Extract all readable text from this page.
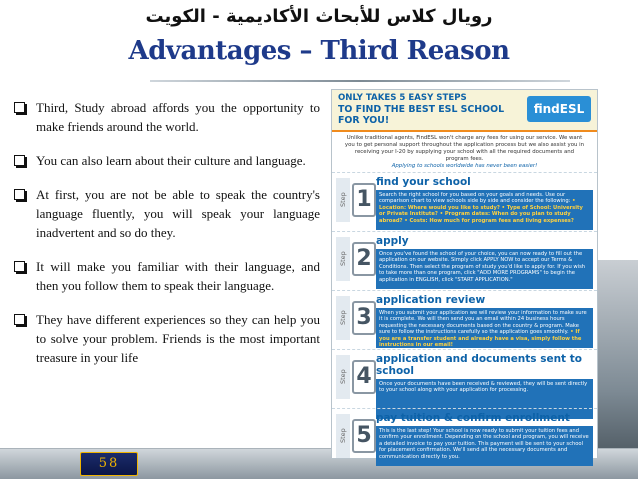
رويال كلاس للأبحاث الأكاديمية - الكويت
Advantages – Third Reason
Third, Study abroad affords you the opportunity to make friends around the world.
You can also learn about their culture and language.
At first, you are not be able to speak the country's language fluently, you will speak your language inadvertent and so do they.
It will make you familiar with their language, and then you follow them to speak their language.
They have different experiences so they can help you to solve your problem. Friends is the most important treasure in your life
ONLY TAKES 5 EASY STEPS
TO FIND THE BEST ESL SCHOOL FOR YOU!
findESL
Unlike traditional agents, FindESL won't charge any fees for using our service. We want you to get personal support throughout the application process but we also assist you in receiving your I-20 by supplying your school with all the required documents and program fees.
Applying to schools worldwide has never been easier!
Step 1
find your school
Search the right school for you based on your goals and needs. Use our comparison chart to view schools side by side and consider the following: • Location: Where would you like to study? • Type of School: University or Private Institute? • Program dates: When do you plan to study abroad? • Costs: How much for program fees and living expenses?
Step 2
apply
Once you've found the school of your choice, you can now ready to fill out the application on our website. Simply click APPLY NOW to accept our Terms & Conditions. Then select the program of study you'd like to apply for. If you wish to take more than one program, click "ADD MORE PROGRAMS" to begin the application in ENGLISH, click "START APPLICATION."
Step 3
application review
When you submit your application we will review your information to make sure it is complete. We will then send you an email within 24 business hours requesting the necessary documents based on the country & program. Make sure to follow the instructions carefully so the application goes smoothly. • If you are a transfer student and already have a visa, simply follow the instructions in our email!
Step 4
application and documents sent to school
Once your documents have been received & reviewed, they will be sent directly to your school along with your application for processing.
Step 5
pay tuition & confirm enrollment
This is the last step! Your school is now ready to submit your tuition fees and confirm your enrollment. Depending on the school and program, you will receive a detailed invoice to pay your tuition. This payment will be sent to your school for placement confirmation. We'll send all the necessary documents and communication directly to you.
58
